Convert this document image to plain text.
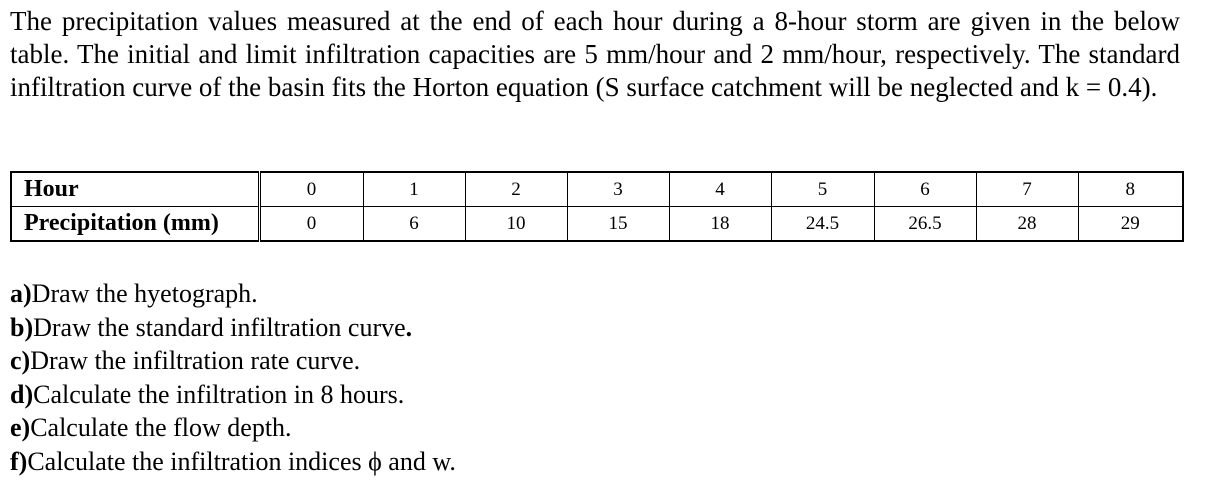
The precipitation values measured at the end of each hour during a 8-hour storm are given in the below table. The initial and limit infiltration capacities are 5 mm/hour and 2 mm/hour, respectively. The standard infiltration curve of the basin fits the Horton equation (S surface catchment will be neglected and k = 0.4).

Hour	0	1	2	3	4	5	6	7	8
Precipitation (mm)	0	6	10	15	18	24.5	26.5	28	29
a)Draw the hyetograph.
b)Draw the standard infiltration curve.
c)Draw the infiltration rate curve.
d)Calculate the infiltration in 8 hours.
e)Calculate the flow depth.
f)Calculate the infiltration indices ϕ and w.
